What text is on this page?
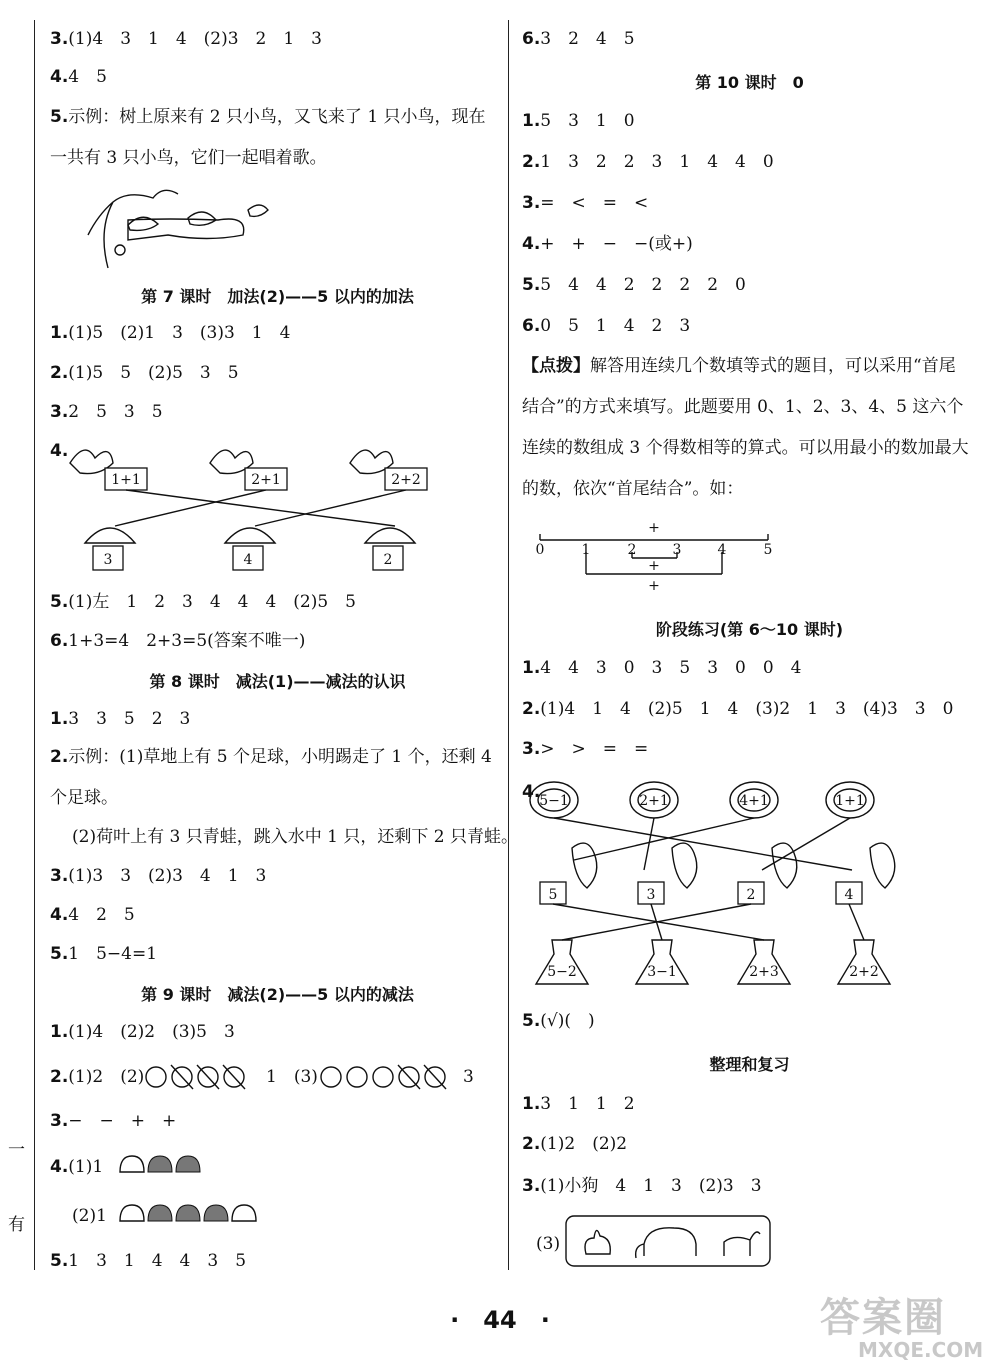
一
有
3.(1)4　3　1　4　(2)3　2　1　3
4.4　5
5.示例：树上原来有 2 只小鸟，又飞来了 1 只小鸟，现在一共有 3 只小鸟，它们一起唱着歌。
第 7 课时　加法(2)——5 以内的加法
1.(1)5　(2)1　3　(3)3　1　4
2.(1)5　5　(2)5　3　5
3.2　5　3　5
4.
1+1	2+1	2+2
3	4	2
5.(1)左　1　2　3　4　4　4　(2)5　5
6.1+3=4　2+3=5(答案不唯一)
第 8 课时　减法(1)——减法的认识
1.3　3　5　2　3
2.示例：(1)草地上有 5 个足球，小明踢走了 1 个，还剩 4 个足球。
(2)荷叶上有 3 只青蛙，跳入水中 1 只，还剩下 2 只青蛙。
3.(1)3　3　(2)3　4　1　3
4.4　2　5
5.1　5−4=1
第 9 课时　减法(2)——5 以内的减法
1.(1)4　(2)2　(3)5　3
2.(1)2　(2)	1　(3)	3
3.−　−　+　+
4.(1)1
(2)1
5.1　3　1　4　4　3　5
6.3　2　4　5
第 10 课时　0
1.5　3　1　0
2.1　3　2　2　3　1　4　4　0
3.=　<　=　<
4.+　+　−　−(或+)
5.5　4　4　2　2　2　2　0
6.0　5　1　4　2　3
【点拨】解答用连续几个数填等式的题目，可以采用“首尾结合”的方式来填写。此题要用 0、1、2、3、4、5 这六个连续的数组成 3 个得数相等的算式。可以用最小的数加最大的数，依次“首尾结合”。如：
+
+
+
0	1	2	3	4	5
阶段练习(第 6～10 课时)
1.4　4　3　0　3　5　3　0　0　4
2.(1)4　1　4　(2)5　1　4　(3)2　1　3　(4)3　3　0
3.>　>　=　=
4.
5−1	2+1	4+1	1+1
5	3	2	4
5−2	3−1	2+3	2+2
5.(√)(　)
整理和复习
1.3　1　1　2
2.(1)2　(2)2
3.(1)小狗　4　1　3　(2)3　3
(3)
·　44　·	答案圈
MXQE.COM
